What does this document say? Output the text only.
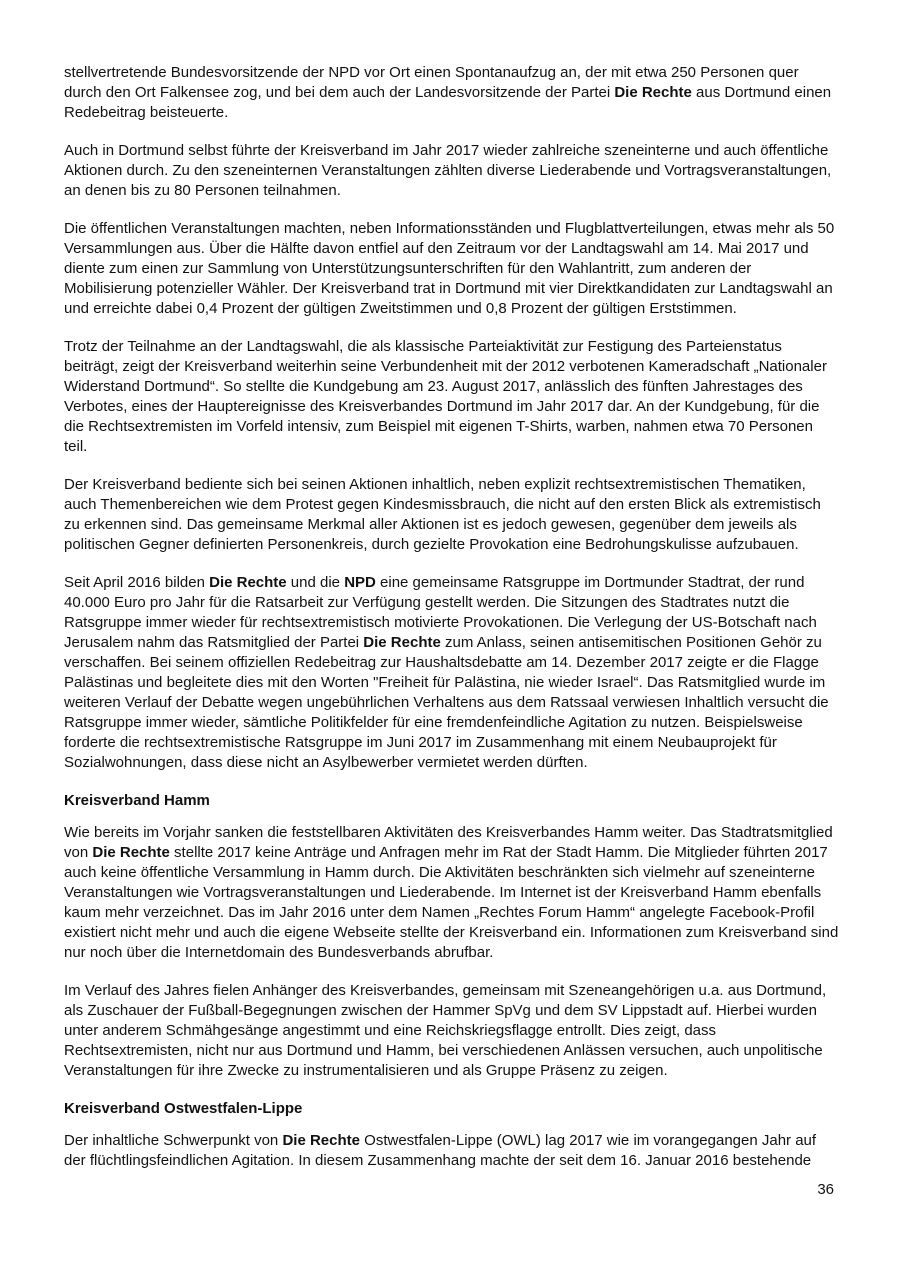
stellvertretende Bundesvorsitzende der NPD vor Ort einen Spontanaufzug an, der mit etwa 250 Personen quer durch den Ort Falkensee zog, und bei dem auch der Landesvorsitzende der Partei Die Rechte aus Dortmund einen Redebeitrag beisteuerte.

Auch in Dortmund selbst führte der Kreisverband im Jahr 2017 wieder zahlreiche szeneinterne und auch öffentliche Aktionen durch. Zu den szeneinternen Veranstaltungen zählten diverse Liederabende und Vortragsveranstaltungen, an denen bis zu 80 Personen teilnahmen.

Die öffentlichen Veranstaltungen machten, neben Informationsständen und Flugblattverteilungen, etwas mehr als 50 Versammlungen aus. Über die Hälfte davon entfiel auf den Zeitraum vor der Landtagswahl am 14. Mai 2017 und diente zum einen zur Sammlung von Unterstützungsunterschriften für den Wahlantritt, zum anderen der Mobilisierung potenzieller Wähler. Der Kreisverband trat in Dortmund mit vier Direktkandidaten zur Landtagswahl an und erreichte dabei 0,4 Prozent der gültigen Zweitstimmen und 0,8 Prozent der gültigen Erststimmen.

Trotz der Teilnahme an der Landtagswahl, die als klassische Parteiaktivität zur Festigung des Parteienstatus beiträgt, zeigt der Kreisverband weiterhin seine Verbundenheit mit der 2012 verbotenen Kameradschaft „Nationaler Widerstand Dortmund“. So stellte die Kundgebung am 23. August 2017, anlässlich des fünften Jahrestages des Verbotes, eines der Hauptereignisse des Kreisverbandes Dortmund im Jahr 2017 dar. An der Kundgebung, für die die Rechtsextremisten im Vorfeld intensiv, zum Beispiel mit eigenen T-Shirts, warben, nahmen etwa 70 Personen teil.

Der Kreisverband bediente sich bei seinen Aktionen inhaltlich, neben explizit rechtsextremistischen Thematiken, auch Themenbereichen wie dem Protest gegen Kindesmissbrauch, die nicht auf den ersten Blick als extremistisch zu erkennen sind. Das gemeinsame Merkmal aller Aktionen ist es jedoch gewesen, gegenüber dem jeweils als politischen Gegner definierten Personenkreis, durch gezielte Provokation eine Bedrohungskulisse aufzubauen.

Seit April 2016 bilden Die Rechte und die NPD eine gemeinsame Ratsgruppe im Dortmunder Stadtrat, der rund 40.000 Euro pro Jahr für die Ratsarbeit zur Verfügung gestellt werden. Die Sitzungen des Stadtrates nutzt die Ratsgruppe immer wieder für rechtsextremistisch motivierte Provokationen. Die Verlegung der US-Botschaft nach Jerusalem nahm das Ratsmitglied der Partei Die Rechte zum Anlass, seinen antisemitischen Positionen Gehör zu verschaffen. Bei seinem offiziellen Redebeitrag zur Haushaltsdebatte am 14. Dezember 2017 zeigte er die Flagge Palästinas und begleitete dies mit den Worten "Freiheit für Palästina, nie wieder Israel“. Das Ratsmitglied wurde im weiteren Verlauf der Debatte wegen ungebührlichen Verhaltens aus dem Ratssaal verwiesen Inhaltlich versucht die Ratsgruppe immer wieder, sämtliche Politikfelder für eine fremdenfeindliche Agitation zu nutzen. Beispielsweise forderte die rechtsextremistische Ratsgruppe im Juni 2017 im Zusammenhang mit einem Neubauprojekt für Sozialwohnungen, dass diese nicht an Asylbewerber vermietet werden dürften.

Kreisverband Hamm

Wie bereits im Vorjahr sanken die feststellbaren Aktivitäten des Kreisverbandes Hamm weiter. Das Stadtratsmitglied von Die Rechte stellte 2017 keine Anträge und Anfragen mehr im Rat der Stadt Hamm. Die Mitglieder führten 2017 auch keine öffentliche Versammlung in Hamm durch. Die Aktivitäten beschränkten sich vielmehr auf szeneinterne Veranstaltungen wie Vortragsveranstaltungen und Liederabende. Im Internet ist der Kreisverband Hamm ebenfalls kaum mehr verzeichnet. Das im Jahr 2016 unter dem Namen „Rechtes Forum Hamm“ angelegte Facebook-Profil existiert nicht mehr und auch die eigene Webseite stellte der Kreisverband ein. Informationen zum Kreisverband sind nur noch über die Internetdomain des Bundesverbands abrufbar.

Im Verlauf des Jahres fielen Anhänger des Kreisverbandes, gemeinsam mit Szeneangehörigen u.a. aus Dortmund, als Zuschauer der Fußball-Begegnungen zwischen der Hammer SpVg und dem SV Lippstadt auf. Hierbei wurden unter anderem Schmähgesänge angestimmt und eine Reichskriegsflagge entrollt. Dies zeigt, dass Rechtsextremisten, nicht nur aus Dortmund und Hamm, bei verschiedenen Anlässen versuchen, auch unpolitische Veranstaltungen für ihre Zwecke zu instrumentalisieren und als Gruppe Präsenz zu zeigen.

Kreisverband Ostwestfalen-Lippe

Der inhaltliche Schwerpunkt von Die Rechte Ostwestfalen-Lippe (OWL) lag 2017 wie im vorangegangen Jahr auf der flüchtlingsfeindlichen Agitation. In diesem Zusammenhang machte der seit dem 16. Januar 2016 bestehende

36
